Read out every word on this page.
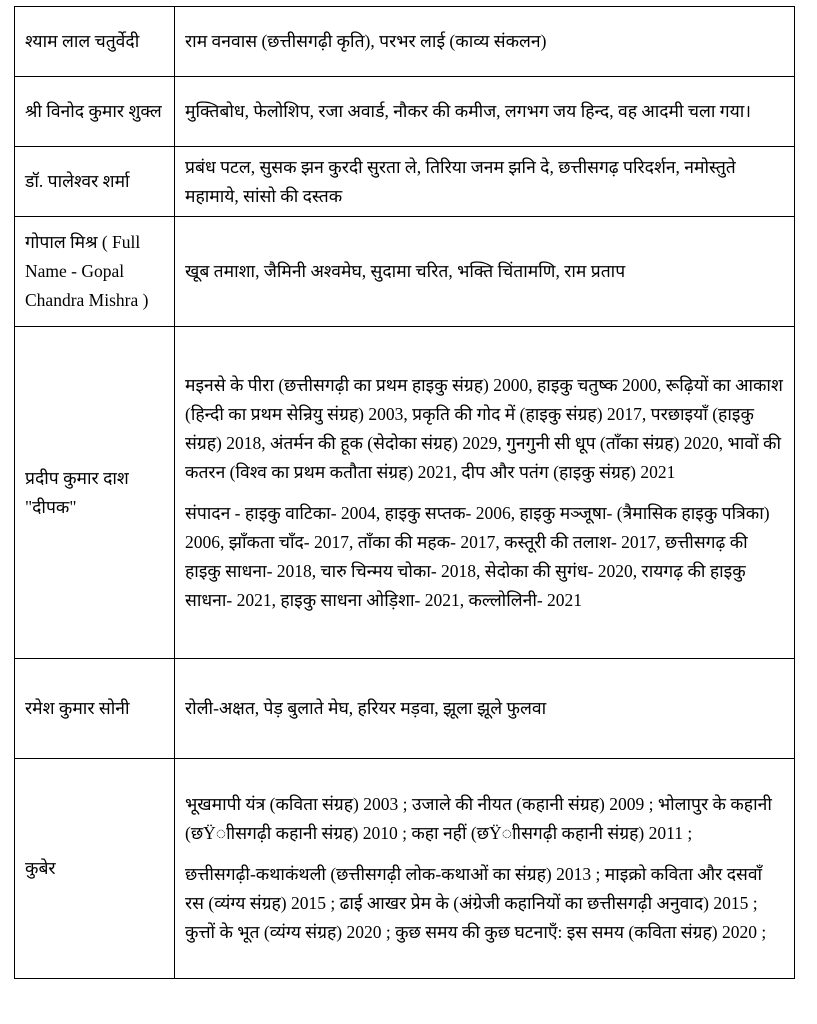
श्याम लाल चतुर्वेदी	राम वनवास (छत्तीसगढ़ी कृति), परभर लाई (काव्य संकलन)

श्री विनोद कुमार शुक्ल	मुक्तिबोध, फेलोशिप, रजा अवार्ड, नौकर की कमीज, लगभग जय हिन्द, वह आदमी चला गया।

डॉ. पालेश्वर शर्मा	प्रबंध पटल, सुसक झन कुरदी सुरता ले, तिरिया जनम झनि दे, छत्तीसगढ़ परिदर्शन, नमोस्तुते महामाये, सांसो की दस्तक

गोपाल मिश्र ( Full Name - Gopal Chandra Mishra )	खूब तमाशा, जैमिनी अश्वमेघ, सुदामा चरित, भक्ति चिंतामणि, राम प्रताप

प्रदीप कुमार दाश "दीपक"	मइनसे के पीरा (छत्तीसगढ़ी का प्रथम हाइकु संग्रह) 2000, हाइकु चतुष्क 2000, रूढ़ियों का आकाश (हिन्दी का प्रथम सेन्रियु संग्रह) 2003, प्रकृति की गोद में (हाइकु संग्रह) 2017, परछाइयाँ (हाइकु संग्रह) 2018, अंतर्मन की हूक (सेदोका संग्रह) 2029, गुनगुनी सी धूप (ताँका संग्रह) 2020, भावों की कतरन (विश्व का प्रथम कतौता संग्रह) 2021, दीप और पतंग (हाइकु संग्रह) 2021

संपादन - हाइकु वाटिका- 2004, हाइकु सप्तक- 2006, हाइकु मञ्जूषा- (त्रैमासिक हाइकु पत्रिका) 2006, झाँकता चाँद- 2017, ताँका की महक- 2017, कस्तूरी की तलाश- 2017, छत्तीसगढ़ की हाइकु साधना- 2018, चारु चिन्मय चोका- 2018, सेदोका की सुगंध- 2020, रायगढ़ की हाइकु साधना- 2021, हाइकु साधना ओड़िशा- 2021, कल्लोलिनी- 2021

रमेश कुमार सोनी	रोली-अक्षत, पेड़ बुलाते मेघ, हरियर मड़वा, झूला झूले फुलवा

कुबेर	भूखमापी यंत्र (कविता संग्रह) 2003 ; उजाले की नीयत (कहानी संग्रह) 2009 ; भोलापुर के कहानी (छŸाीसगढ़ी कहानी संग्रह) 2010 ; कहा नहीं (छŸाीसगढ़ी कहानी संग्रह) 2011 ;

छत्तीसगढ़ी-कथाकंथली (छत्तीसगढ़ी लोक-कथाओं का संग्रह) 2013 ; माइक्रो कविता और दसवाँ रस (व्यंग्य संग्रह) 2015 ; ढाई आखर प्रेम के (अंग्रेजी कहानियों का छत्तीसगढ़ी अनुवाद) 2015 ; कुत्तों के भूत (व्यंग्य संग्रह) 2020 ; कुछ समय की कुछ घटनाएँ: इस समय (कविता संग्रह) 2020 ;
